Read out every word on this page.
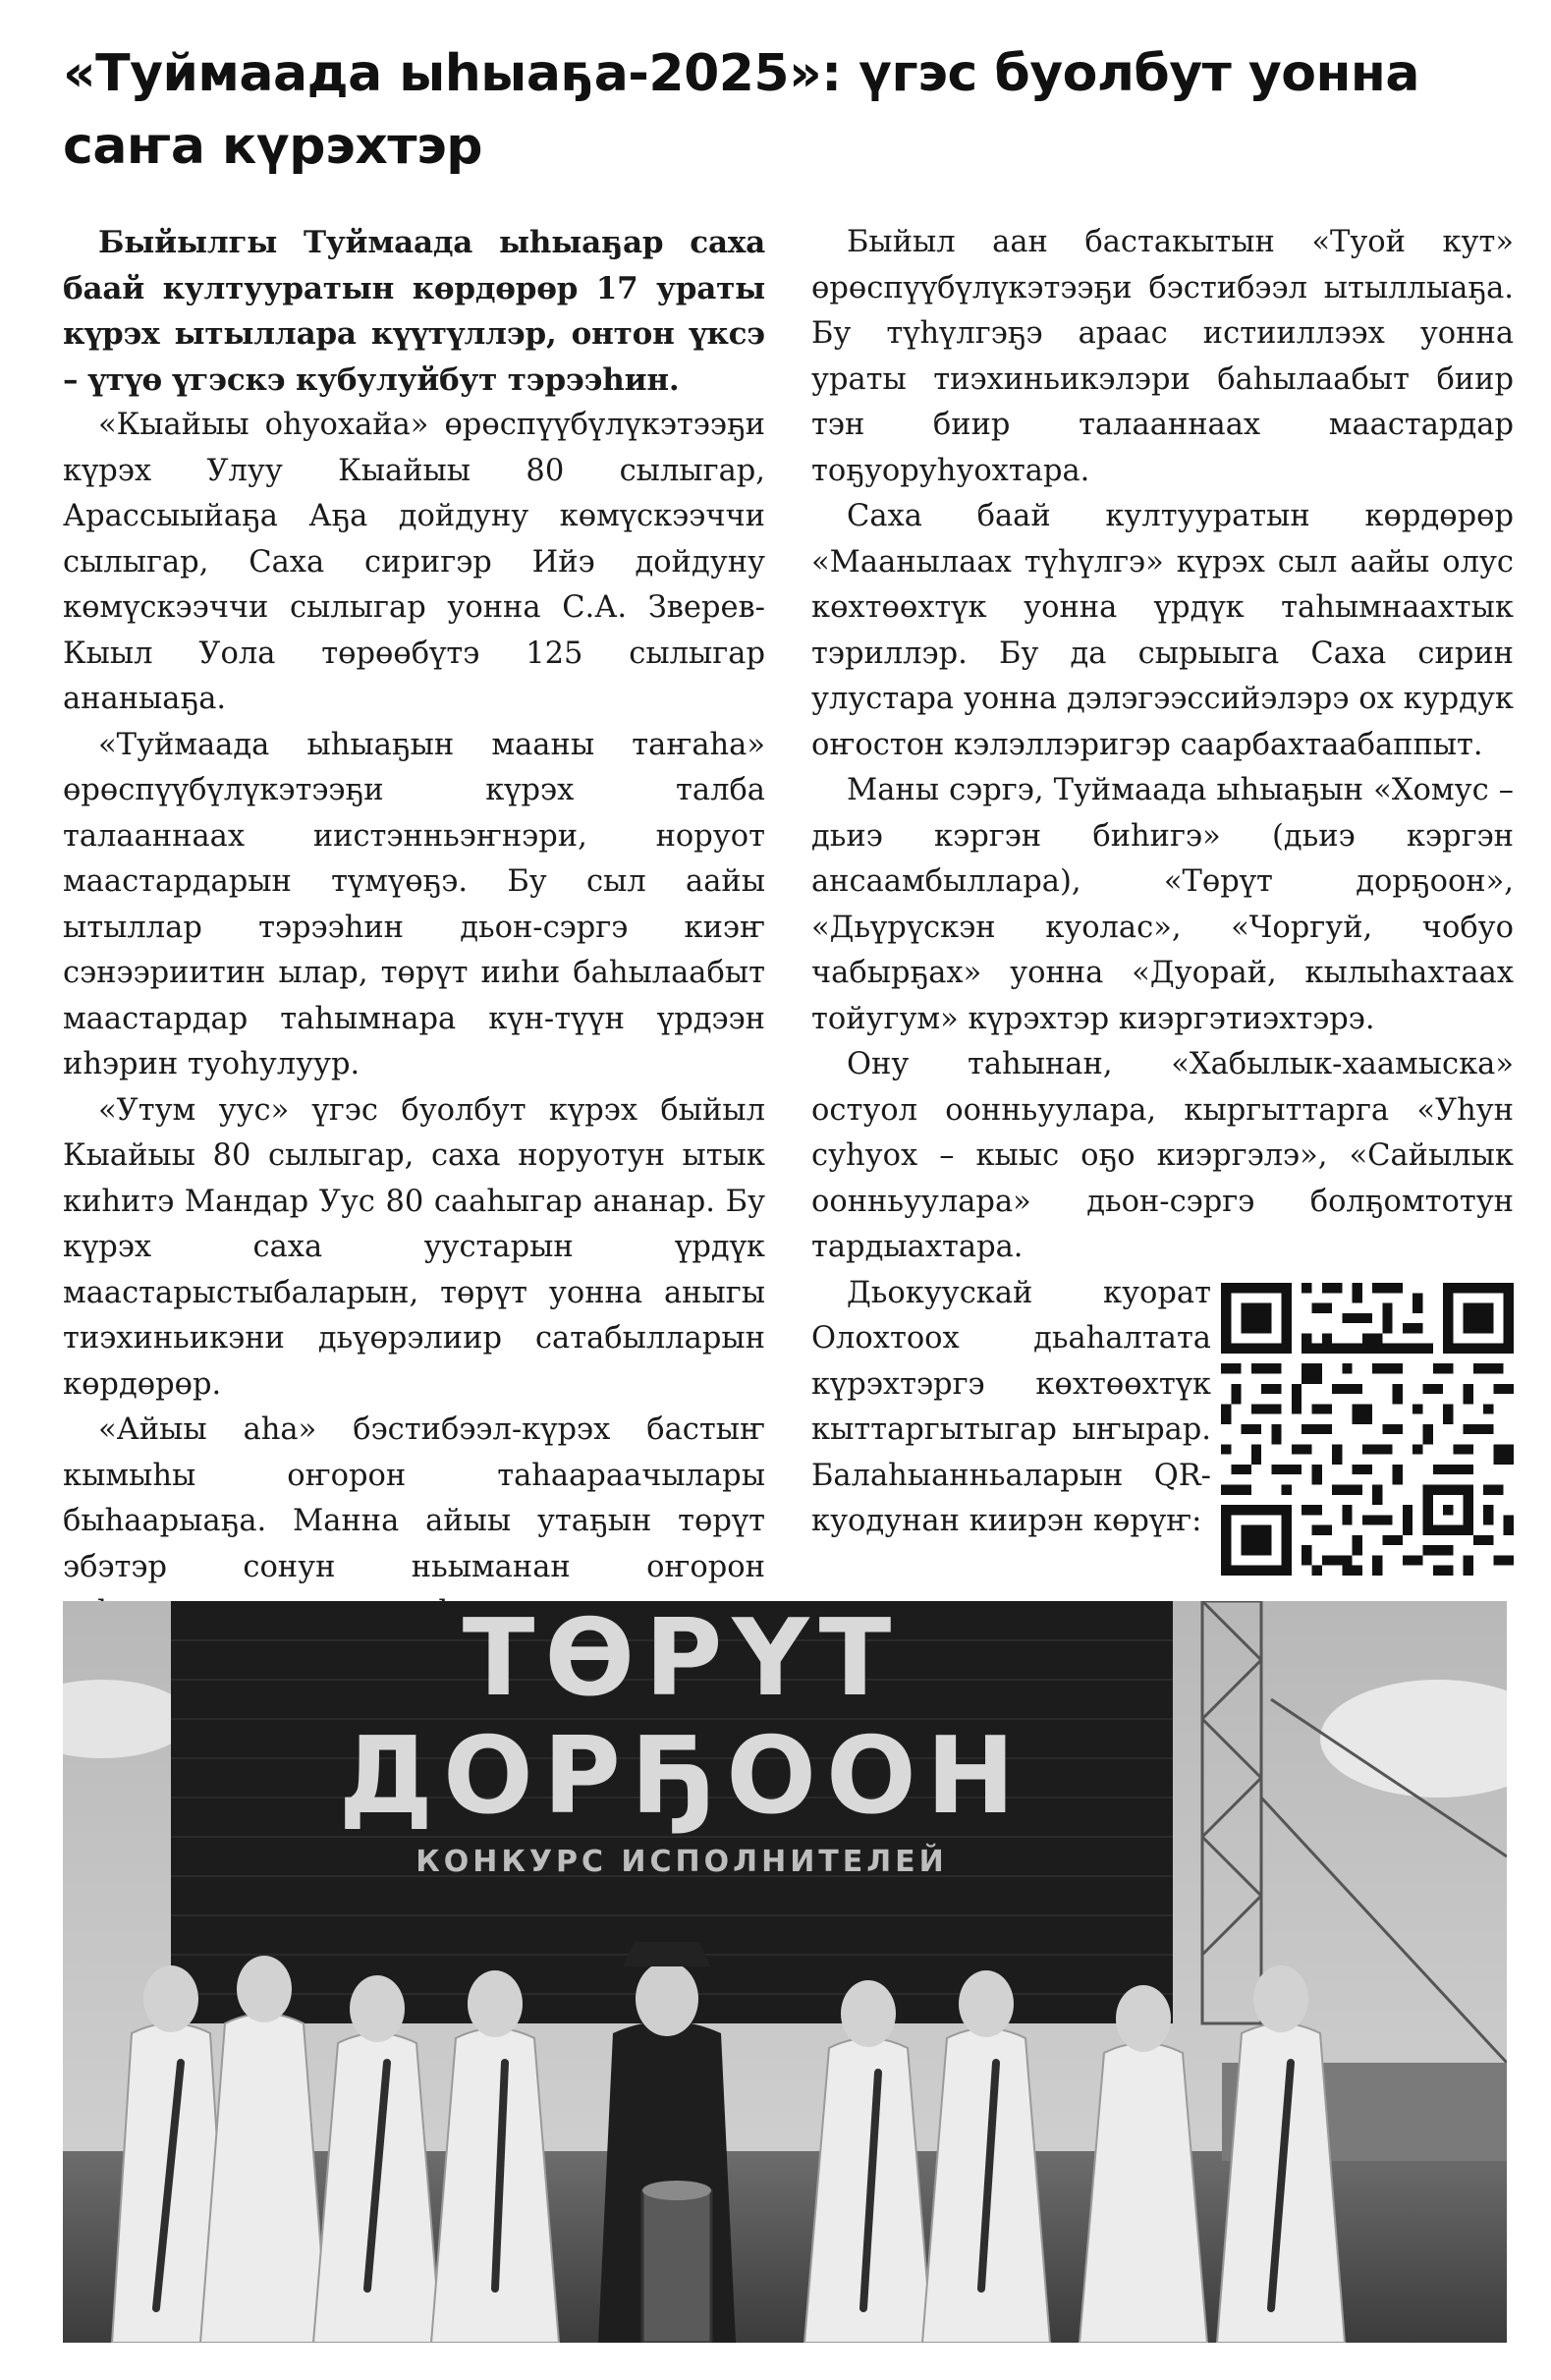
«Туймаада ыһыаҕа-2025»: үгэс буолбут уонна саҥа күрэхтэр

Быйылгы Туймаада ыһыаҕар саха баай култууратын көрдөрөр 17 ураты күрэх ытыллара күүтүллэр, онтон үксэ – үтүө үгэскэ кубулуйбут тэрээһин.

«Кыайыы оһуохайа» өрөспүүбүлүкэтээҕи күрэх Улуу Кыайыы 80 сылыгар, Арассыыйаҕа Аҕа дойдуну көмүскээччи сылыгар, Саха сиригэр Ийэ дойдуну көмүскээччи сылыгар уонна С.А. Зверев-Кыыл Уола төрөөбүтэ 125 сылыгар ананыаҕа.

«Туймаада ыһыаҕын мааны таҥаһа» өрөспүүбүлүкэтээҕи күрэх талба талааннаах иистэнньэҥнэри, норуот маастардарын түмүөҕэ. Бу сыл аайы ытыллар тэрээһин дьон-сэргэ киэҥ сэнээриитин ылар, төрүт ииһи баһылаабыт маастардар таһымнара күн-түүн үрдээн иһэрин туоһулуур.

«Утум уус» үгэс буолбут күрэх быйыл Кыайыы 80 сылыгар, саха норуотун ытык киһитэ Мандар Уус 80 сааһыгар ананар. Бу күрэх саха уустарын үрдүк маастарыстыбаларын, төрүт уонна аныгы тиэхиньикэни дьүөрэлиир сатабылларын көрдөрөр.

«Айыы аһа» бэстибээл-күрэх бастыҥ кымыһы оҥорон таһаараачылары быһаарыаҕа. Манна айыы утаҕын төрүт эбэтэр сонун ньыманан оҥорон

Быйыл аан бастакытын «Туой кут» өрөспүүбүлүкэтээҕи бэстибээл ытыллыаҕа. Бу түһүлгэҕэ араас истииллээх уонна ураты тиэхиньикэлэри баһылаабыт биир тэн биир талааннаах маастардар тоҕуоруһуохтара.

Саха баай култууратын көрдөрөр «Маанылаах түһүлгэ» күрэх сыл аайы олус көхтөөхтүк уонна үрдүк таһымнаахтык тэриллэр. Бу да сырыыга Саха сирин улустара уонна дэлэгээссийэлэрэ ох курдук оҥостон кэлэллэригэр саарбахтаабаппыт.

Маны сэргэ, Туймаада ыһыаҕын «Хомус – дьиэ кэргэн биһигэ» (дьиэ кэргэн ансаамбыллара), «Төрүт дорҕоон», «Дьүрүскэн куолас», «Чоргуй, чобуо чабырҕах» уонна «Дуорай, кылыһахтаах тойугум» күрэхтэр киэргэтиэхтэрэ.

Ону таһынан, «Хабылык-хаамыска» остуол оонньуулара, кыргыттарга «Уһун суһуох – кыыс оҕо киэргэлэ», «Сайылык оонньуулара» дьон-сэргэ болҕомтотун тардыахтара.

Дьокуускай куорат Олохтоох дьаһалтата күрэхтэргэ көхтөөхтүк кыттаргытыгар ыҥырар. Балаһыанньаларын QR-куодунан киирэн көрүҥ:

ТӨРҮТ
ДОРҔООН
КОНКУРС ИСПОЛНИТЕЛЕЙ
